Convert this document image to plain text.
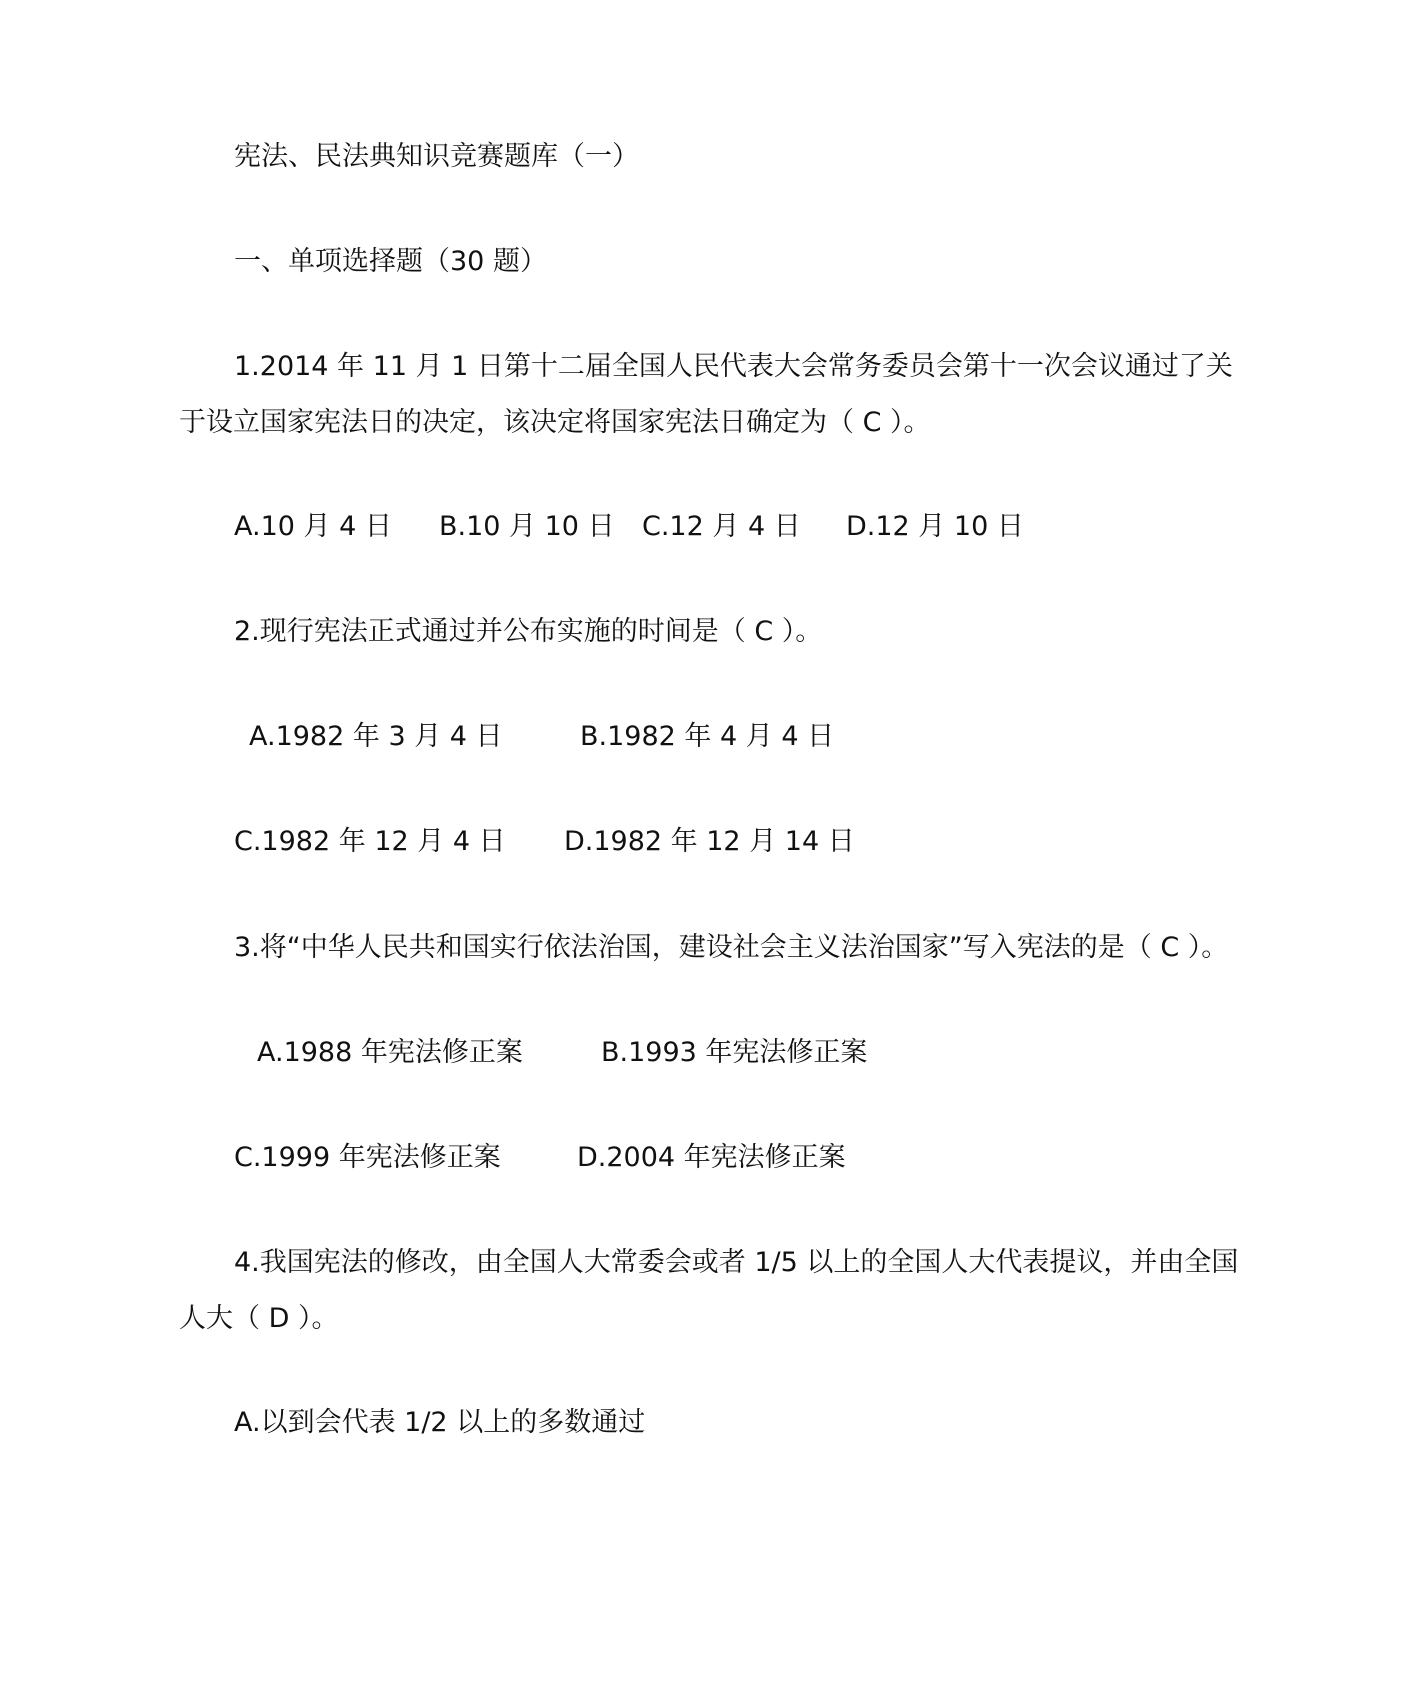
宪法、民法典知识竞赛题库（一）
一、单项选择题（30 题）
1.2014 年 11 月 1 日第十二届全国人民代表大会常务委员会第十一次会议通过了关
于设立国家宪法日的决定，该决定将国家宪法日确定为（ C ）。
A.10 月 4 日 B.10 月 10 日 C.12 月 4 日 D.12 月 10 日
2.现行宪法正式通过并公布实施的时间是（ C ）。
A.1982 年 3 月 4 日	B.1982 年 4 月 4 日
C.1982 年 12 月 4 日 D.1982 年 12 月 14 日
3.将“中华人民共和国实行依法治国，建设社会主义法治国家”写入宪法的是（ C ）。
A.1988 年宪法修正案	B.1993 年宪法修正案
C.1999 年宪法修正案	D.2004 年宪法修正案
4.我国宪法的修改，由全国人大常委会或者 1/5 以上的全国人大代表提议，并由全国
人大（ D ）。
A.以到会代表 1/2 以上的多数通过
